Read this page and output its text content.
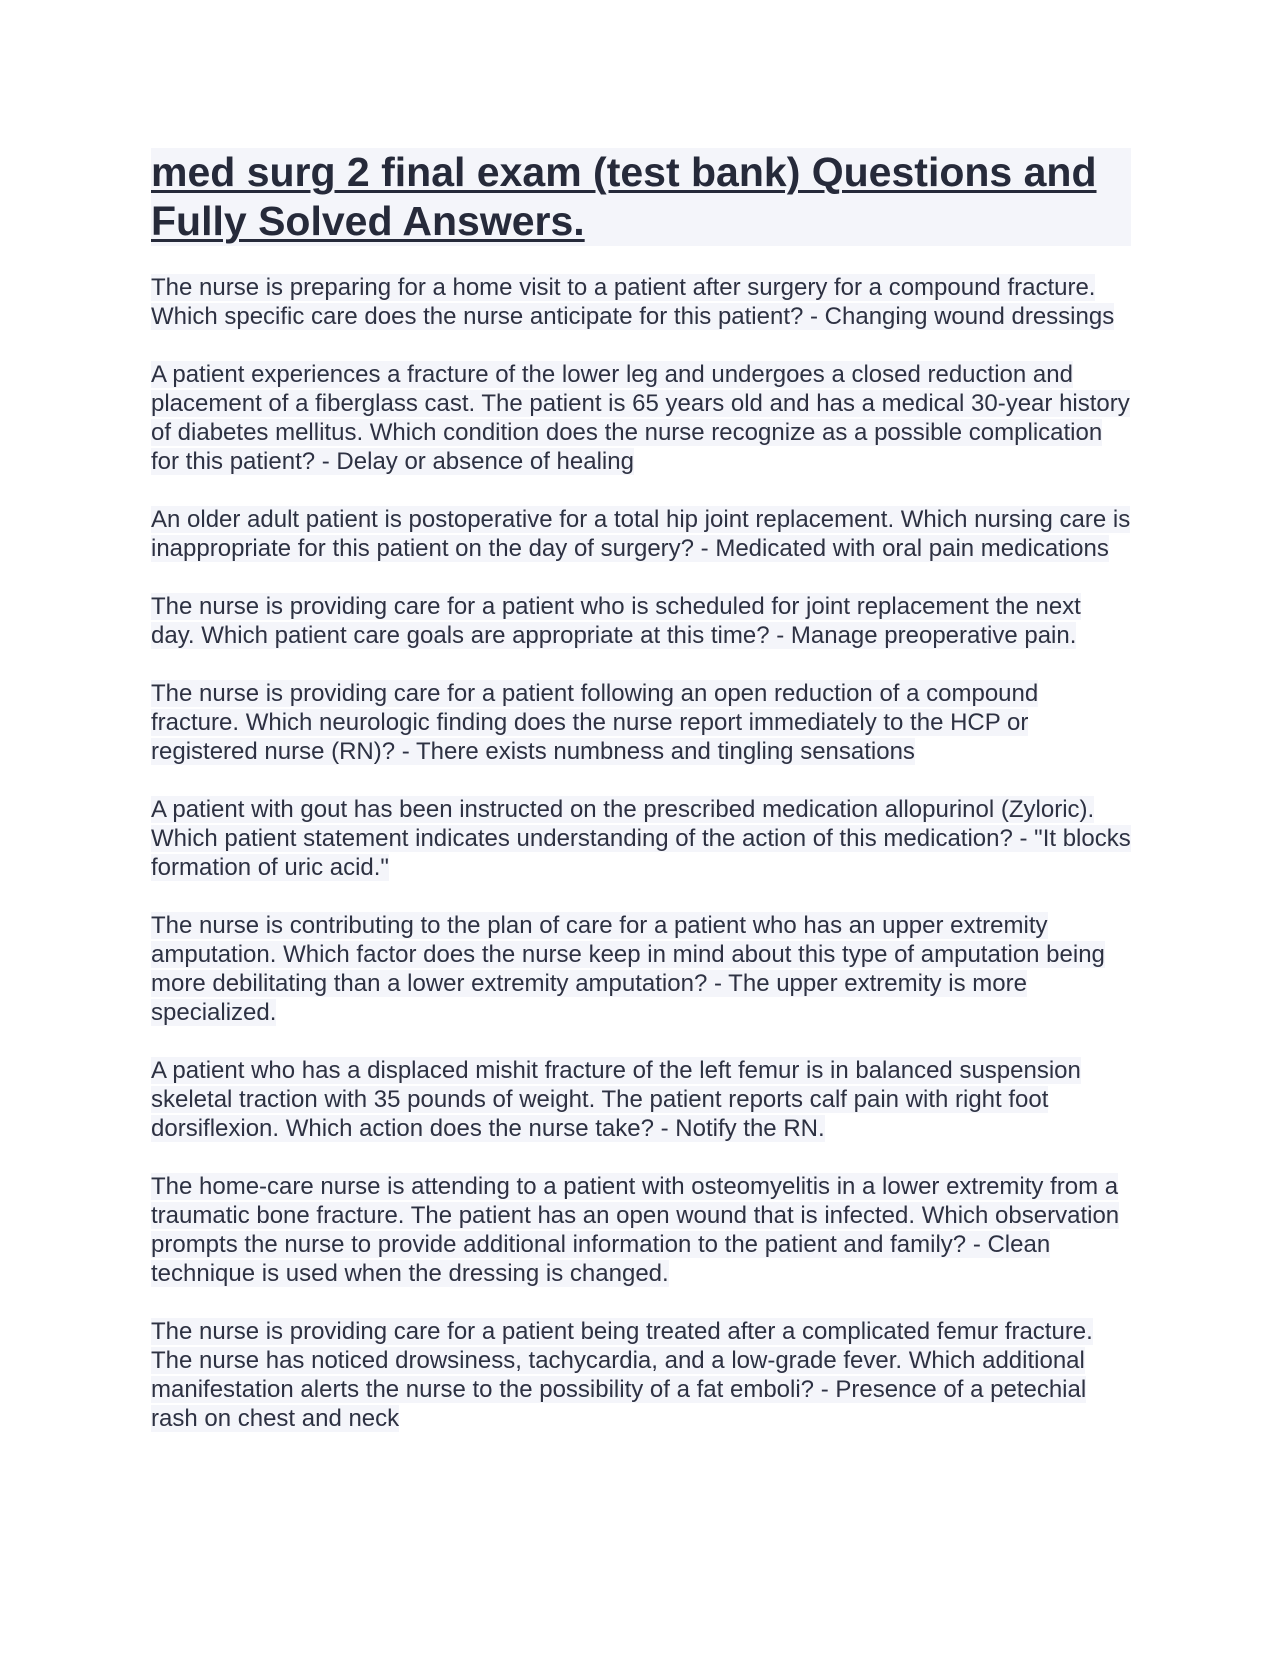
med surg 2 final exam (test bank) Questions and Fully Solved Answers.

The nurse is preparing for a home visit to a patient after surgery for a compound fracture. Which specific care does the nurse anticipate for this patient? - Changing wound dressings

A patient experiences a fracture of the lower leg and undergoes a closed reduction and placement of a fiberglass cast. The patient is 65 years old and has a medical 30-year history of diabetes mellitus. Which condition does the nurse recognize as a possible complication for this patient? - Delay or absence of healing

An older adult patient is postoperative for a total hip joint replacement. Which nursing care is inappropriate for this patient on the day of surgery? - Medicated with oral pain medications

The nurse is providing care for a patient who is scheduled for joint replacement the next day. Which patient care goals are appropriate at this time? - Manage preoperative pain.

The nurse is providing care for a patient following an open reduction of a compound fracture. Which neurologic finding does the nurse report immediately to the HCP or registered nurse (RN)? - There exists numbness and tingling sensations

A patient with gout has been instructed on the prescribed medication allopurinol (Zyloric). Which patient statement indicates understanding of the action of this medication? - "It blocks formation of uric acid."

The nurse is contributing to the plan of care for a patient who has an upper extremity amputation. Which factor does the nurse keep in mind about this type of amputation being more debilitating than a lower extremity amputation? - The upper extremity is more specialized.

A patient who has a displaced mishit fracture of the left femur is in balanced suspension skeletal traction with 35 pounds of weight. The patient reports calf pain with right foot dorsiflexion. Which action does the nurse take? - Notify the RN.

The home-care nurse is attending to a patient with osteomyelitis in a lower extremity from a traumatic bone fracture. The patient has an open wound that is infected. Which observation prompts the nurse to provide additional information to the patient and family? - Clean technique is used when the dressing is changed.

The nurse is providing care for a patient being treated after a complicated femur fracture. The nurse has noticed drowsiness, tachycardia, and a low-grade fever. Which additional manifestation alerts the nurse to the possibility of a fat emboli? - Presence of a petechial rash on chest and neck
